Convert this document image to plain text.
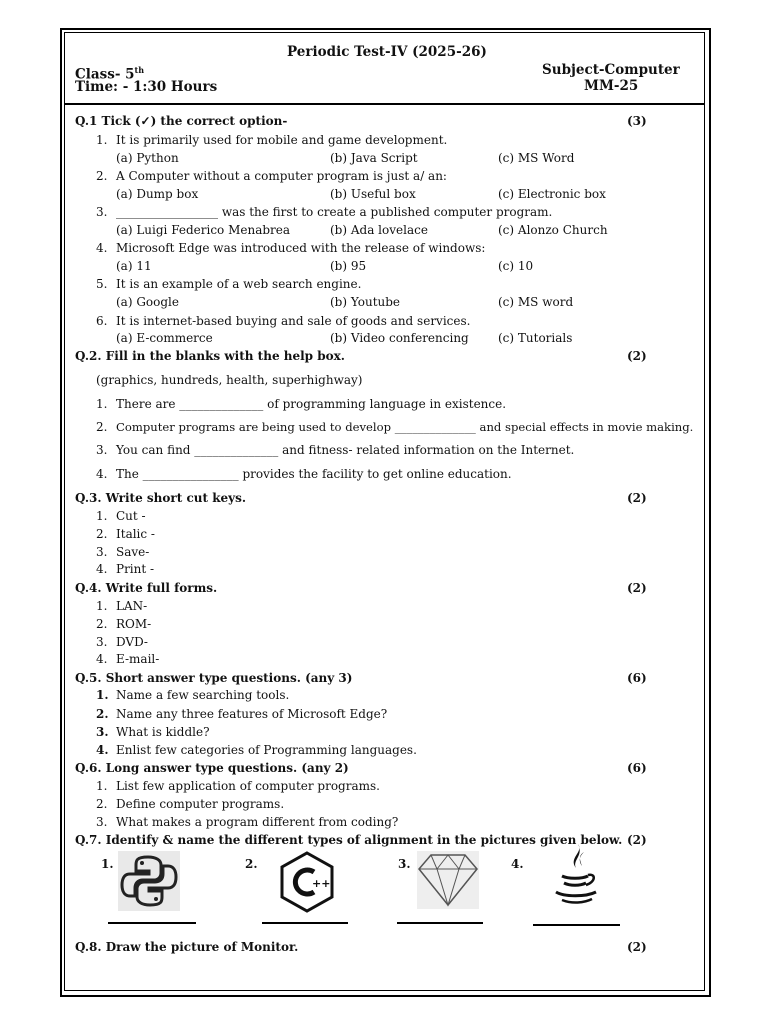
Periodic Test-IV (2025-26)
Class- 5th
Time: - 1:30 Hours
Subject-Computer
MM-25
Q.1 Tick (✓) the correct option-	(3)
1. It is primarily used for mobile and game development.
(a) Python	(b) Java Script	(c) MS Word
2. A Computer without a computer program is just a/ an:
(a) Dump box	(b) Useful box	(c) Electronic box
3. _________________ was the first to create a published computer program.
(a) Luigi Federico Menabrea	(b) Ada lovelace	(c) Alonzo Church
4. Microsoft Edge was introduced with the release of windows:
(a) 11	(b) 95	(c) 10
5. It is an example of a web search engine.
(a) Google	(b) Youtube	(c) MS word
6. It is internet-based buying and sale of goods and services.
(a) E-commerce	(b) Video conferencing (c) Tutorials
Q.2. Fill in the blanks with the help box.	(2)
(graphics, hundreds, health, superhighway)
1. There are ______________ of programming language in existence.
2. Computer programs are being used to develop ______________ and special effects in movie making.
3. You can find ______________ and fitness- related information on the Internet.
4. The ________________ provides the facility to get online education.
Q.3. Write short cut keys.	(2)
1. Cut -
2. Italic -
3. Save-
4. Print -
Q.4. Write full forms.	(2)
1. LAN-
2. ROM-
3. DVD-
4. E-mail-
Q.5. Short answer type questions. (any 3)	(6)
1. Name a few searching tools.
2. Name any three features of Microsoft Edge?
3. What is kiddle?
4. Enlist few categories of Programming languages.
Q.6. Long answer type questions. (any 2)	(6)
1. List few application of computer programs.
2. Define computer programs.
3. What makes a program different from coding?
Q.7. Identify & name the different types of alignment in the pictures given below. (2)
1.	2.	3.	4.
++
Q.8. Draw the picture of Monitor.	(2)
